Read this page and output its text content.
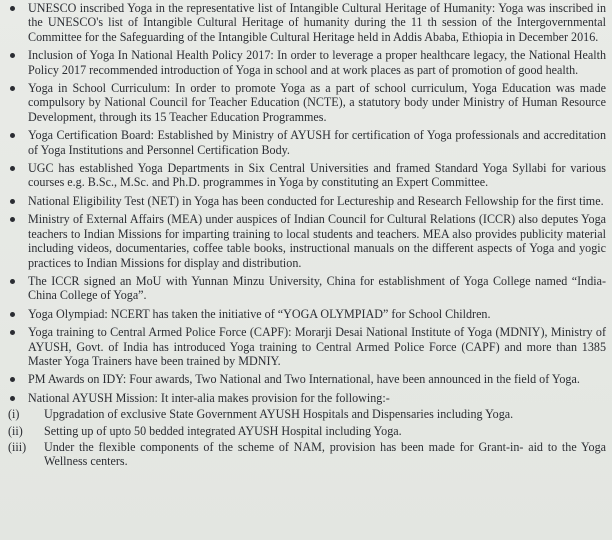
UNESCO inscribed Yoga in the representative list of Intangible Cultural Heritage of Humanity: Yoga was inscribed in the UNESCO's list of Intangible Cultural Heritage of humanity during the 11 th session of the Intergovernmental Committee for the Safeguarding of the Intangible Cultural Heritage held in Addis Ababa, Ethiopia in December 2016.
Inclusion of Yoga In National Health Policy 2017: In order to leverage a proper healthcare legacy, the National Health Policy 2017 recommended introduction of Yoga in school and at work places as part of promotion of good health.
Yoga in School Curriculum: In order to promote Yoga as a part of school curriculum, Yoga Education was made compulsory by National Council for Teacher Education (NCTE), a statutory body under Ministry of Human Resource Development, through its 15 Teacher Education Programmes.
Yoga Certification Board: Established by Ministry of AYUSH for certification of Yoga professionals and accreditation of Yoga Institutions and Personnel Certification Body.
UGC has established Yoga Departments in Six Central Universities and framed Standard Yoga Syllabi for various courses e.g. B.Sc., M.Sc. and Ph.D. programmes in Yoga by constituting an Expert Committee.
National Eligibility Test (NET) in Yoga has been conducted for Lectureship and Research Fellowship for the first time.
Ministry of External Affairs (MEA) under auspices of Indian Council for Cultural Relations (ICCR) also deputes Yoga teachers to Indian Missions for imparting training to local students and teachers. MEA also provides publicity material including videos, documentaries, coffee table books, instructional manuals on the different aspects of Yoga and yogic practices to Indian Missions for display and distribution.
The ICCR signed an MoU with Yunnan Minzu University, China for establishment of Yoga College named “India-China College of Yoga”.
Yoga Olympiad: NCERT has taken the initiative of “YOGA OLYMPIAD” for School Children.
Yoga training to Central Armed Police Force (CAPF): Morarji Desai National Institute of Yoga (MDNIY), Ministry of AYUSH, Govt. of India has introduced Yoga training to Central Armed Police Force (CAPF) and more than 1385 Master Yoga Trainers have been trained by MDNIY.
PM Awards on IDY: Four awards, Two National and Two International, have been announced in the field of Yoga.
National AYUSH Mission: It inter-alia makes provision for the following:-
(i) Upgradation of exclusive State Government AYUSH Hospitals and Dispensaries including Yoga.
(ii) Setting up of upto 50 bedded integrated AYUSH Hospital including Yoga.
(iii) Under the flexible components of the scheme of NAM, provision has been made for Grant-in- aid to the Yoga Wellness centers.
